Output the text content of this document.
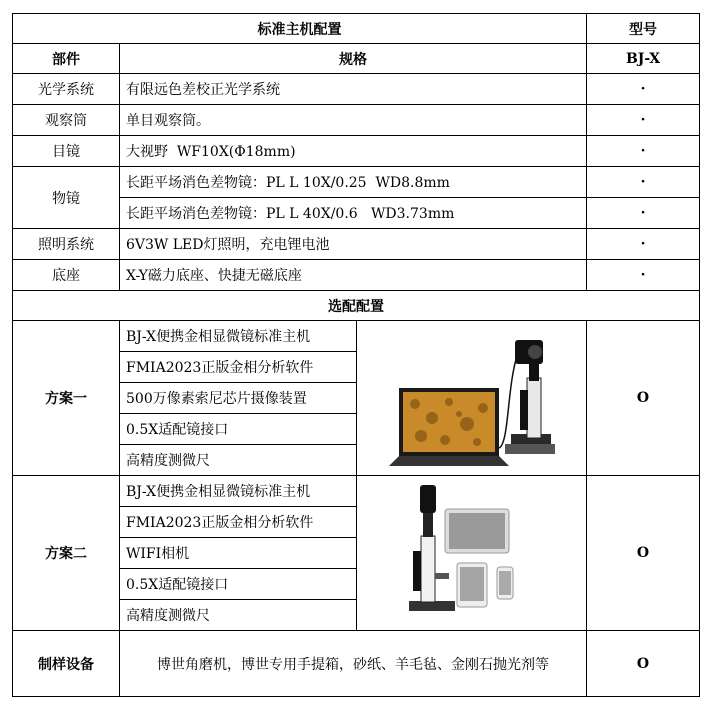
标准主机配置			型号
部件	规格		BJ-X
光学系统	有限远色差校正光学系统		·
观察筒	单目观察筒。		·
目镜	大视野  WF10X(Φ18mm)		·
物镜	长距平场消色差物镜：PL L 10X/0.25  WD8.8mm		·
	长距平场消色差物镜：PL L 40X/0.6   WD3.73mm		·
照明系统	6V3W LED灯照明，充电锂电池		·
底座	X-Y磁力底座、快捷无磁底座		·
选配配置			
方案一	BJ-X便携金相显微镜标准主机		O
	FMIA2023正版金相分析软件		
	500万像素索尼芯片摄像装置		
	0.5X适配镜接口		
	高精度测微尺		
方案二	BJ-X便携金相显微镜标准主机		O
	FMIA2023正版金相分析软件		
	WIFI相机		
	0.5X适配镜接口		
	高精度测微尺		
制样设备	博世角磨机，博世专用手提箱，砂纸、羊毛毡、金刚石抛光剂等		O
